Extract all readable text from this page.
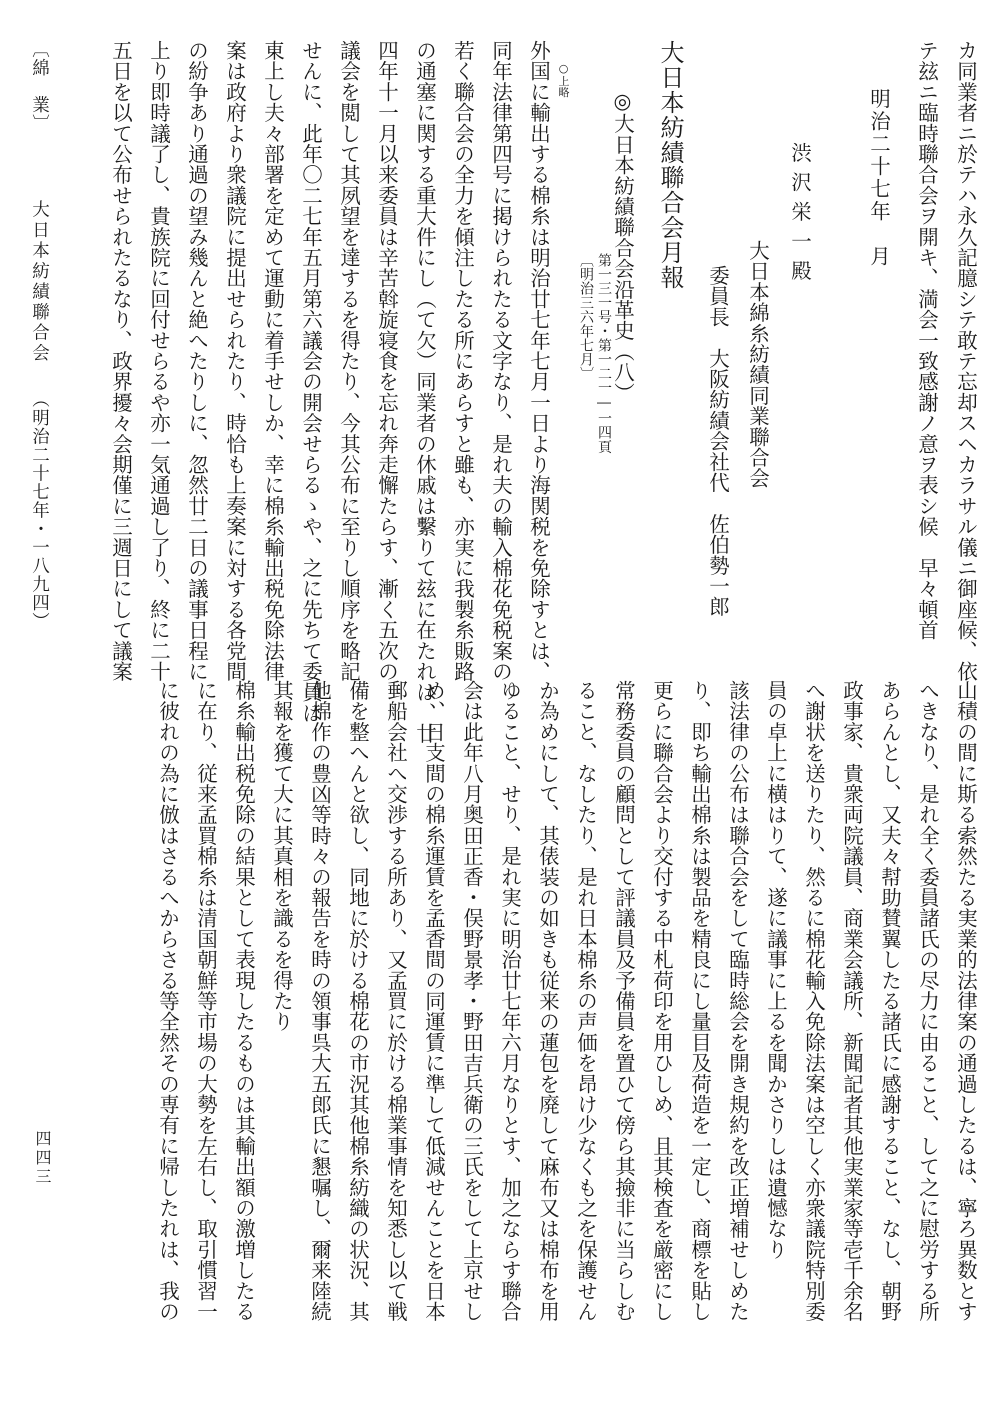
カ同業者ニ於テハ永久記臆シテ敢テ忘却スヘカラサル儀ニ御座候、依
テ玆ニ臨時聯合会ヲ開キ、満会一致感謝ノ意ヲ表シ候　早々頓首
明治二十七年　月
渋沢栄一殿
大日本綿糸紡績同業聯合会
委員長　大阪紡績会社代　佐伯勢一郎
大日本紡績聯合会月報
第一三一号・第一二一―一四頁
〔明治三六年七月〕 ◎大日本紡績聯合会沿革史（八）
○上略
外国に輸出する棉糸は明治廿七年七月一日より海関税を免除すとは、
同年法律第四号に掲けられたる文字なり、是れ夫の輸入棉花免税案の
若く聯合会の全力を傾注したる所にあらすと雖も、亦実に我製糸販路
の通塞に関する重大件にし（て欠）同業者の休戚は繫りて玆に在たれは、廿
四年十一月以来委員は辛苦斡旋寝食を忘れ奔走懈たらす、漸く五次の
議会を閲して其夙望を達するを得たり、今其公布に至りし順序を略記
せんに、此年〇二七年五月第六議会の開会せらるゝや、之に先ちて委員は
東上し夫々部署を定めて運動に着手せしか、幸に棉糸輸出税免除法律
案は政府より衆議院に提出せられたり、時恰も上奏案に対する各党間
の紛争あり通過の望み幾んと絶へたりしに、忽然廿二日の議事日程に
上り即時議了し、貴族院に回付せらるや亦一気通過し了り、終に二十
五日を以て公布せられたるなり、政界擾々会期僅に三週日にして議案
山積の間に斯る索然たる実業的法律案の通過したるは、寧ろ異数とす
へきなり、是れ全く委員諸氏の尽力に由ること、して之に慰労する所
あらんとし、又夫々幇助賛翼したる諸氏に感謝すること、なし、朝野
政事家、貴衆両院議員、商業会議所、新聞記者其他実業家等壱千余名
へ謝状を送りたり、然るに棉花輸入免除法案は空しく亦衆議院特別委
員の卓上に横はりて、遂に議事に上るを聞かさりしは遺憾なり
該法律の公布は聯合会をして臨時総会を開き規約を改正増補せしめた
り、即ち輸出棉糸は製品を精良にし量目及荷造を一定し、商標を貼し
更らに聯合会より交付する中札荷印を用ひしめ、且其検査を厳密にし
常務委員の顧問として評議員及予備員を置ひて傍ら其撿非に当らしむ
ること、なしたり、是れ日本棉糸の声価を昂け少なくも之を保護せん
か為めにして、其俵装の如きも従来の蓮包を廃して麻布又は棉布を用
ゆること、せり、是れ実に明治廿七年六月なりとす、加之ならす聯合
会は此年八月奥田正香・俣野景孝・野田吉兵衛の三氏をして上京せし
め、日支間の棉糸運賃を孟香間の同運賃に準して低減せんことを日本
郵船会社へ交渉する所あり、又孟買に於ける棉業事情を知悉し以て戦
備を整へんと欲し、同地に於ける棉花の市況其他棉糸紡織の状況、其
他棉作の豊凶等時々の報告を時の領事呉大五郎氏に懇嘱し、爾来陸続
其報を獲て大に其真相を識るを得たり
棉糸輸出税免除の結果として表現したるものは其輸出額の激増したる
に在り、従来孟買棉糸は清国朝鮮等市場の大勢を左右し、取引慣習一
に彼れの為に倣はさるへからさる等全然その専有に帰したれは、我の
〔綿　業〕
大日本紡績聯合会
（明治二十七年・一八九四）
四四三
